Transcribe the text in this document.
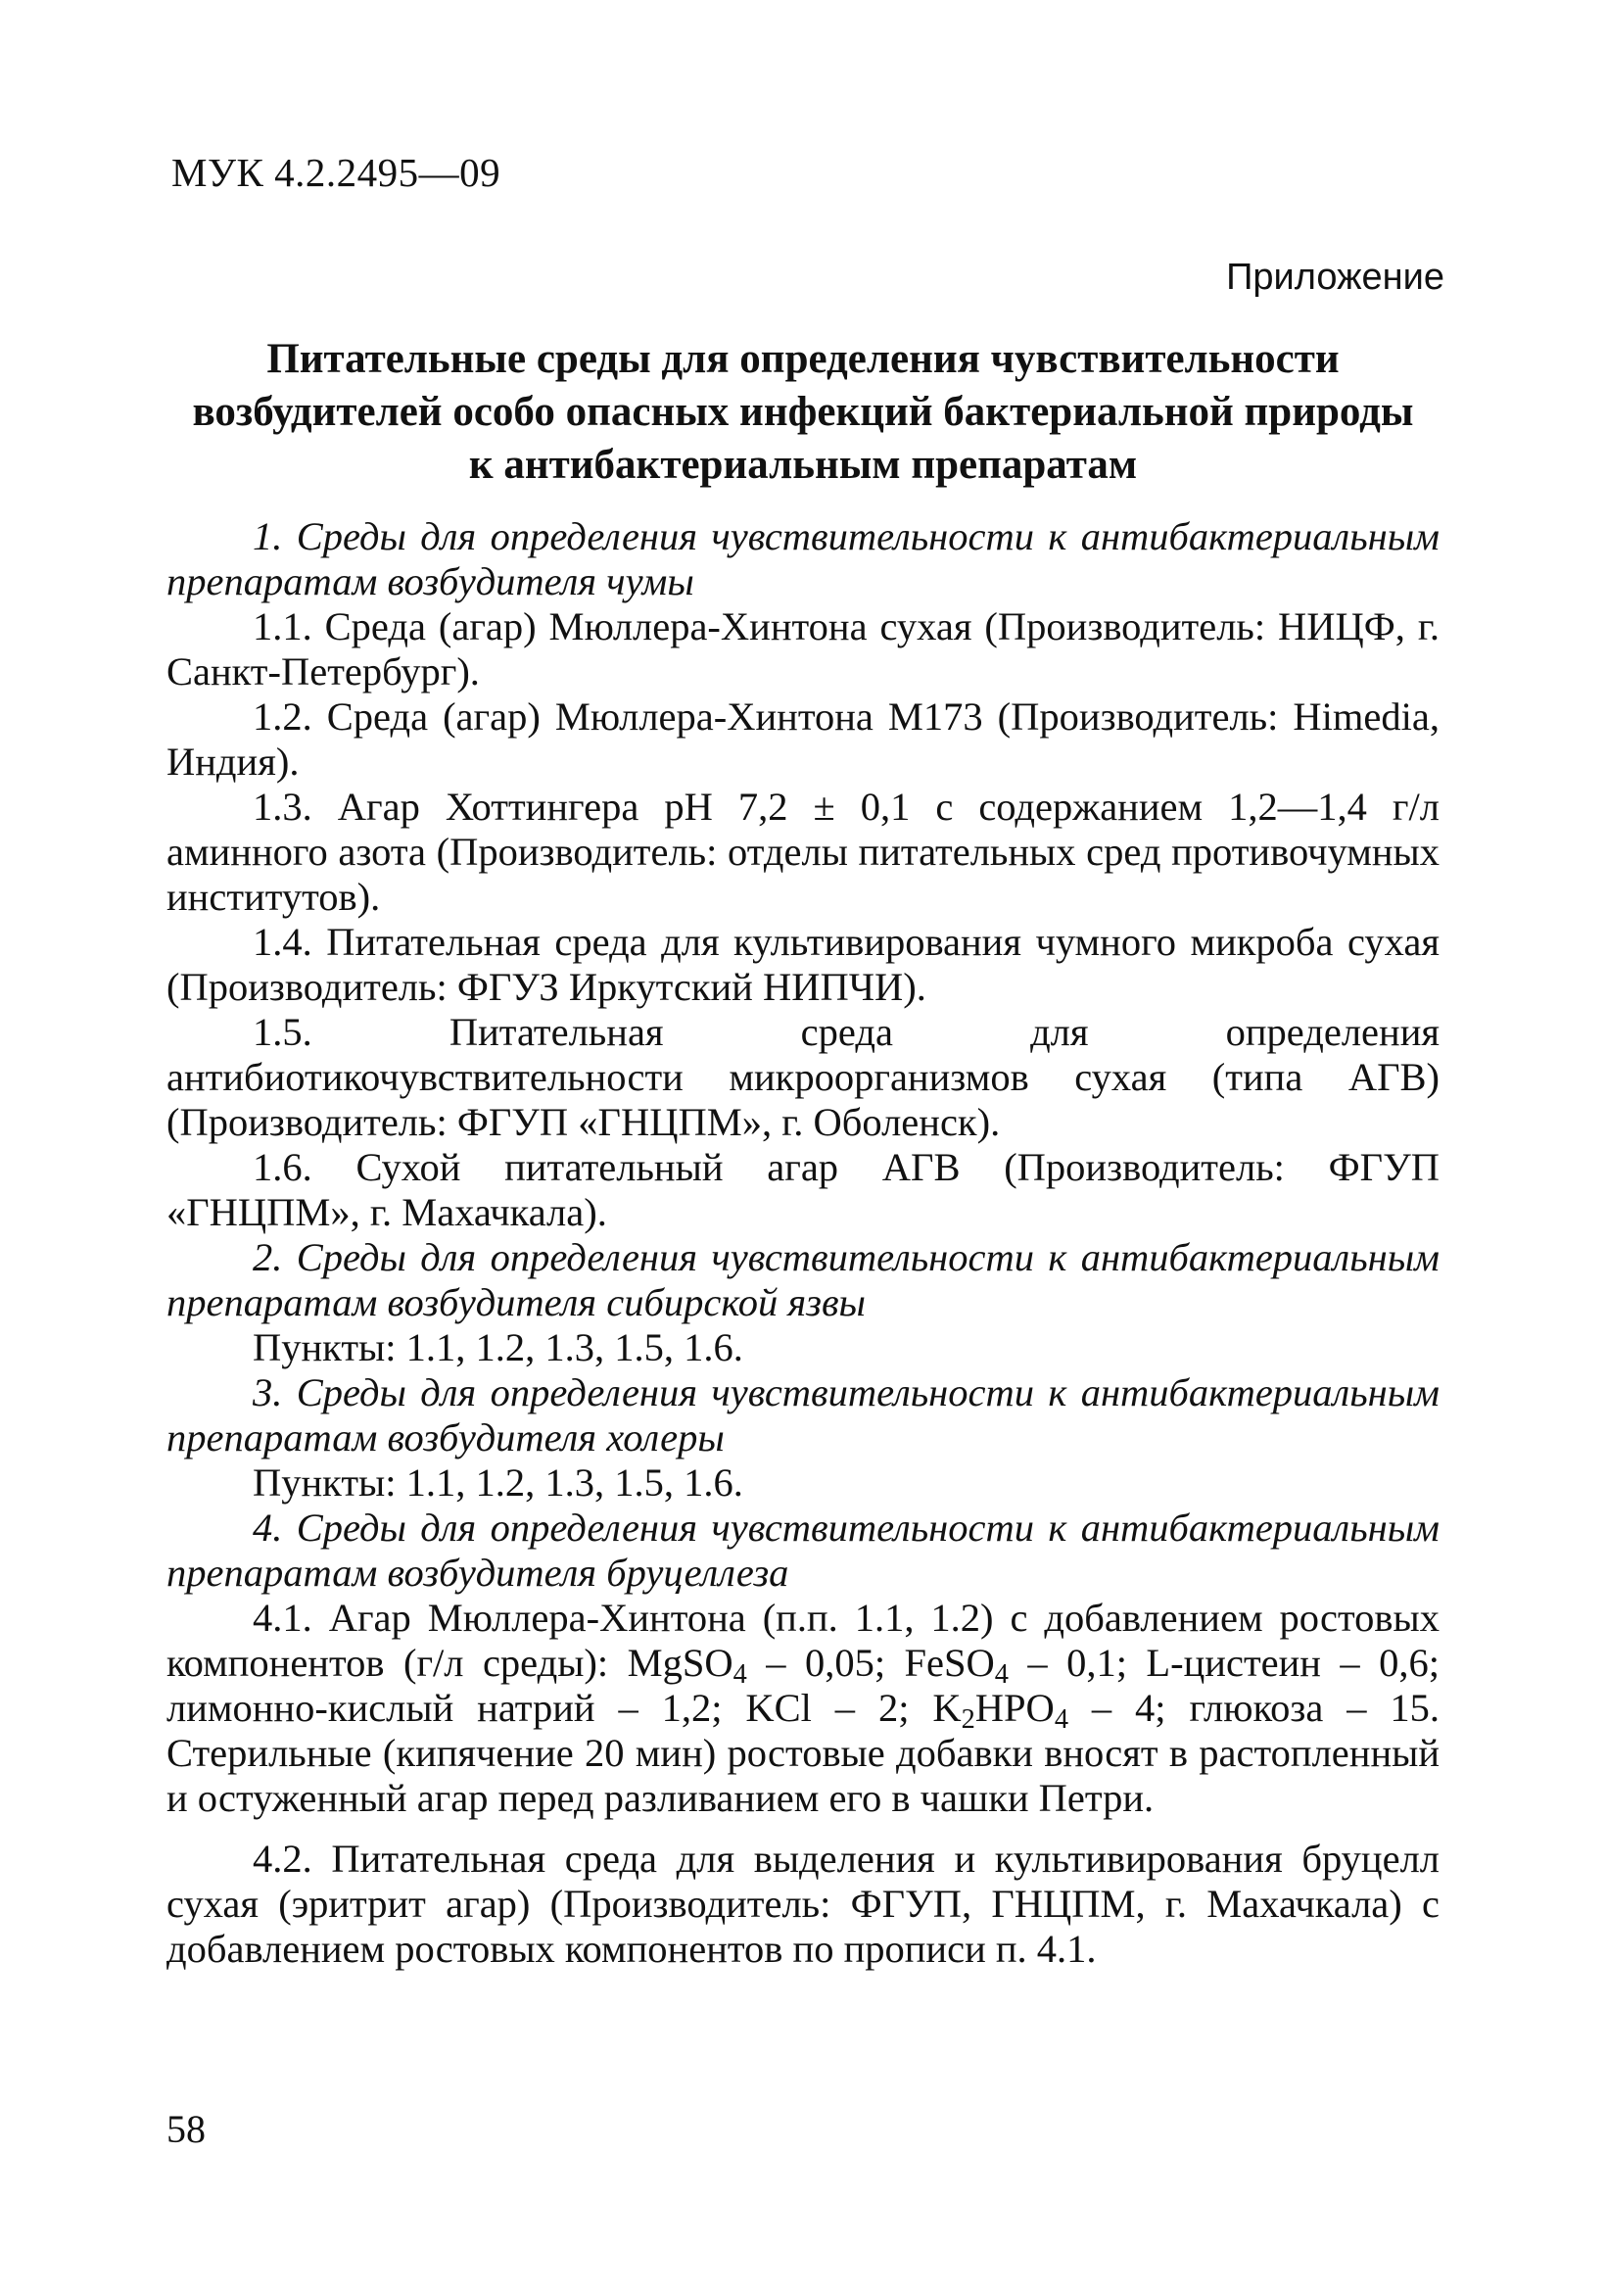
МУК 4.2.2495—09
Приложение
Питательные среды для определения чувствительности
возбудителей особо опасных инфекций бактериальной природы
к антибактериальным препаратам

1. Среды для определения чувствительности к антибактериальным препаратам возбудителя чумы

1.1. Среда (агар) Мюллера-Хинтона сухая (Производитель: НИЦФ, г. Санкт-Петербург).

1.2. Среда (агар) Мюллера-Хинтона М173 (Производитель: Himedia, Индия).

1.3. Агар Хоттингера рН 7,2 ± 0,1 с содержанием 1,2—1,4 г/л аминного азота (Производитель: отделы питательных сред противочумных институтов).

1.4. Питательная среда для культивирования чумного микроба сухая (Производитель: ФГУЗ Иркутский НИПЧИ).

1.5. Питательная среда для определения антибиотикочувствительности микроорганизмов сухая (типа АГВ) (Производитель: ФГУП «ГНЦПМ», г. Оболенск).

1.6. Сухой питательный агар АГВ (Производитель: ФГУП «ГНЦПМ», г. Махачкала).

2. Среды для определения чувствительности к антибактериальным препаратам возбудителя сибирской язвы

Пункты: 1.1, 1.2, 1.3, 1.5, 1.6.

3. Среды для определения чувствительности к антибактериальным препаратам возбудителя холеры

Пункты: 1.1, 1.2, 1.3, 1.5, 1.6.

4. Среды для определения чувствительности к антибактериальным препаратам возбудителя бруцеллеза

4.1. Агар Мюллера-Хинтона (п.п. 1.1, 1.2) с добавлением ростовых компонентов (г/л среды): MgSO$_4$ – 0,05; FeSO$_4$ – 0,1; L-цистеин – 0,6; лимонно-кислый натрий – 1,2; KCl – 2; $K_2HPO_4 - 4$; глюкоза – 15. Стерильные (кипячение 20 мин) ростовые добавки вносят в растопленный и остуженный агар перед разливанием его в чашки Петри.

4.2. Питательная среда для выделения и культивирования бруцелл сухая (эритрит агар) (Производитель: ФГУП, ГНЦПМ, г. Махачкала) с добавлением ростовых компонентов по прописи п. 4.1.

58
